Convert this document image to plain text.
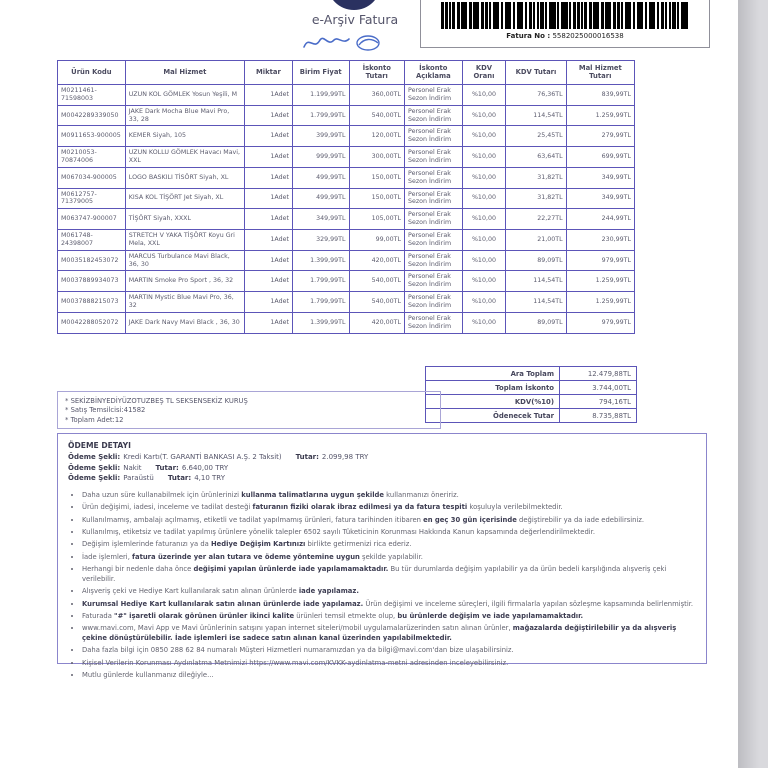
e-Arşiv Fatura
Fatura No : 5582025000016538
Ürün Kodu	Mal Hizmet	Miktar	Birim Fiyat	İskonto Tutarı	İskonto Açıklama	KDV Oranı	KDV Tutarı	Mal Hizmet Tutarı
M0211461-71598003	UZUN KOL GÖMLEK Yosun Yeşili, M	1Adet	1.199,99TL	360,00TL	Personel Erak Sezon İndirim	%10,00	76,36TL	839,99TL
M0042289339050	JAKE Dark Mocha Blue Mavi Pro, 33, 28	1Adet	1.799,99TL	540,00TL	Personel Erak Sezon İndirim	%10,00	114,54TL	1.259,99TL
M0911653-900005	KEMER Siyah, 105	1Adet	399,99TL	120,00TL	Personel Erak Sezon İndirim	%10,00	25,45TL	279,99TL
M0210053-70874006	UZUN KOLLU GÖMLEK Havacı Mavi, XXL	1Adet	999,99TL	300,00TL	Personel Erak Sezon İndirim	%10,00	63,64TL	699,99TL
M067034-900005	LOGO BASKILI TİSÖRT Siyah, XL	1Adet	499,99TL	150,00TL	Personel Erak Sezon İndirim	%10,00	31,82TL	349,99TL
M0612757-71379005	KISA KOL TİŞÖRT Jet Siyah, XL	1Adet	499,99TL	150,00TL	Personel Erak Sezon İndirim	%10,00	31,82TL	349,99TL
M063747-900007	TİŞÖRT Siyah, XXXL	1Adet	349,99TL	105,00TL	Personel Erak Sezon İndirim	%10,00	22,27TL	244,99TL
M061748-24398007	STRETCH V YAKA TİŞÖRT Koyu Gri Mela, XXL	1Adet	329,99TL	99,00TL	Personel Erak Sezon İndirim	%10,00	21,00TL	230,99TL
M0035182453072	MARCUS Turbulance Mavi Black, 36, 30	1Adet	1.399,99TL	420,00TL	Personel Erak Sezon İndirim	%10,00	89,09TL	979,99TL
M0037889934073	MARTIN Smoke Pro Sport , 36, 32	1Adet	1.799,99TL	540,00TL	Personel Erak Sezon İndirim	%10,00	114,54TL	1.259,99TL
M0037888215073	MARTIN Mystic Blue Mavi Pro, 36, 32	1Adet	1.799,99TL	540,00TL	Personel Erak Sezon İndirim	%10,00	114,54TL	1.259,99TL
M0042288052072	JAKE Dark Navy Mavi Black , 36, 30	1Adet	1.399,99TL	420,00TL	Personel Erak Sezon İndirim	%10,00	89,09TL	979,99TL
Ara Toplam	12.479,88TL
Toplam İskonto	3.744,00TL
KDV(%10)	794,16TL
Ödenecek Tutar	8.735,88TL

* SEKİZBİNYEDİYÜZOTUZBEŞ TL SEKSENSEKİZ KURUŞ

* Satış Temsilcisi:41582

* Toplam Adet:12

ÖDEME DETAYI

Ödeme Şekli: Kredi Kartı(T. GARANTİ BANKASI A.Ş. 2 Taksit) Tutar: 2.099,98 TRY
Ödeme Şekli: Nakit Tutar: 6.640,00 TRY
Ödeme Şekli: Paraüstü Tutar: 4,10 TRY
• Daha uzun süre kullanabilmek için ürünlerinizi kullanma talimatlarına uygun şekilde kullanmanızı öneririz.
• Ürün değişimi, iadesi, inceleme ve tadilat desteği faturanın fiziki olarak ibraz edilmesi ya da fatura tespiti koşuluyla verilebilmektedir.
• Kullanılmamış, ambalajı açılmamış, etiketli ve tadilat yapılmamış ürünleri, fatura tarihinden itibaren en geç 30 gün içerisinde değiştirebilir ya da iade edebilirsiniz.
• Kullanılmış, etiketsiz ve tadilat yapılmış ürünlere yönelik talepler 6502 sayılı Tüketicinin Korunması Hakkında Kanun kapsamında değerlendirilmektedir.
• Değişim işlemlerinde faturanızı ya da Hediye Değişim Kartınızı birlikte getirmenizi rica ederiz.
• İade işlemleri, fatura üzerinde yer alan tutara ve ödeme yöntemine uygun şekilde yapılabilir.
• Herhangi bir nedenle daha önce değişimi yapılan ürünlerde iade yapılamamaktadır. Bu tür durumlarda değişim yapılabilir ya da ürün bedeli karşılığında alışveriş çeki verilebilir.
• Alışveriş çeki ve Hediye Kart kullanılarak satın alınan ürünlerde iade yapılamaz.
• Kurumsal Hediye Kart kullanılarak satın alınan ürünlerde iade yapılamaz. Ürün değişimi ve inceleme süreçleri, ilgili firmalarla yapılan sözleşme kapsamında belirlenmiştir.
• Faturada "#" işaretli olarak görünen ürünler ikinci kalite ürünleri temsil etmekte olup, bu ürünlerde değişim ve iade yapılamamaktadır.
• www.mavi.com, Mavi App ve Mavi ürünlerinin satışını yapan internet siteleri/mobil uygulamalarüzerinden satın alınan ürünler, mağazalarda değiştirilebilir ya da alışveriş çekine dönüştürülebilir. İade işlemleri ise sadece satın alınan kanal üzerinden yapılabilmektedir.
• Daha fazla bilgi için 0850 288 62 84 numaralı Müşteri Hizmetleri numaramızdan ya da bilgi@mavi.com'dan bize ulaşabilirsiniz.
• Kişisel Verilerin Korunması Aydınlatma Metnimizi https://www.mavi.com/KVKK-aydinlatma-metni adresinden inceleyebilirsiniz.
• Mutlu günlerde kullanmanız dileğiyle...
